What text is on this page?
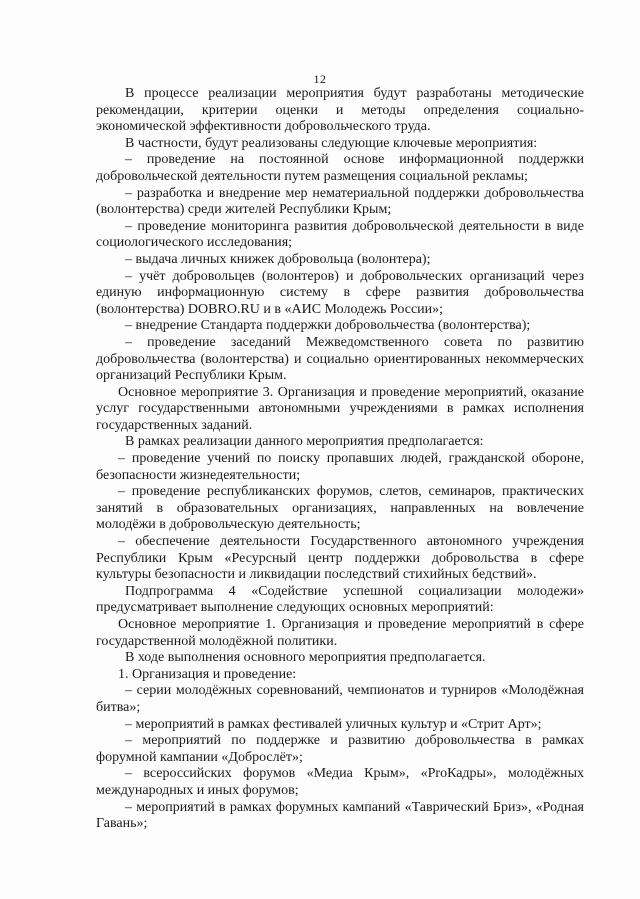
12

В процессе реализации мероприятия будут разработаны методические рекомендации, критерии оценки и методы определения социально-экономической эффективности добровольческого труда.

В частности, будут реализованы следующие ключевые мероприятия:

– проведение на постоянной основе информационной поддержки добровольческой деятельности путем размещения социальной рекламы;

– разработка и внедрение мер нематериальной поддержки добровольчества (волонтерства) среди жителей Республики Крым;

– проведение мониторинга развития добровольческой деятельности в виде социологического исследования;

– выдача личных книжек добровольца (волонтера);

– учёт добровольцев (волонтеров) и добровольческих организаций через единую информационную систему в сфере развития добровольчества (волонтерства) DOBRO.RU и в «АИС Молодежь России»;

– внедрение Стандарта поддержки добровольчества (волонтерства);

– проведение заседаний Межведомственного совета по развитию добровольчества (волонтерства) и социально ориентированных некоммерческих организаций Республики Крым.

Основное мероприятие 3. Организация и проведение мероприятий, оказание услуг государственными автономными учреждениями в рамках исполнения государственных заданий.

В рамках реализации данного мероприятия предполагается:

– проведение учений по поиску пропавших людей, гражданской обороне, безопасности жизнедеятельности;

– проведение республиканских форумов, слетов, семинаров, практических занятий в образовательных организациях, направленных на вовлечение молодёжи в добровольческую деятельность;

– обеспечение деятельности Государственного автономного учреждения Республики Крым «Ресурсный центр поддержки добровольства в сфере культуры безопасности и ликвидации последствий стихийных бедствий».

Подпрограмма 4 «Содействие успешной социализации молодежи» предусматривает выполнение следующих основных мероприятий:

Основное мероприятие 1. Организация и проведение мероприятий в сфере государственной молодёжной политики.

В ходе выполнения основного мероприятия предполагается.

1. Организация и проведение:

– серии молодёжных соревнований, чемпионатов и турниров «Молодёжная битва»;

– мероприятий в рамках фестивалей уличных культур и «Стрит Арт»;

– мероприятий по поддержке и развитию добровольчества в рамках форумной кампании «Доброслёт»;

– всероссийских форумов «Медиа Крым», «ProКадры», молодёжных международных и иных форумов;

– мероприятий в рамках форумных кампаний «Таврический Бриз», «Родная Гавань»;
